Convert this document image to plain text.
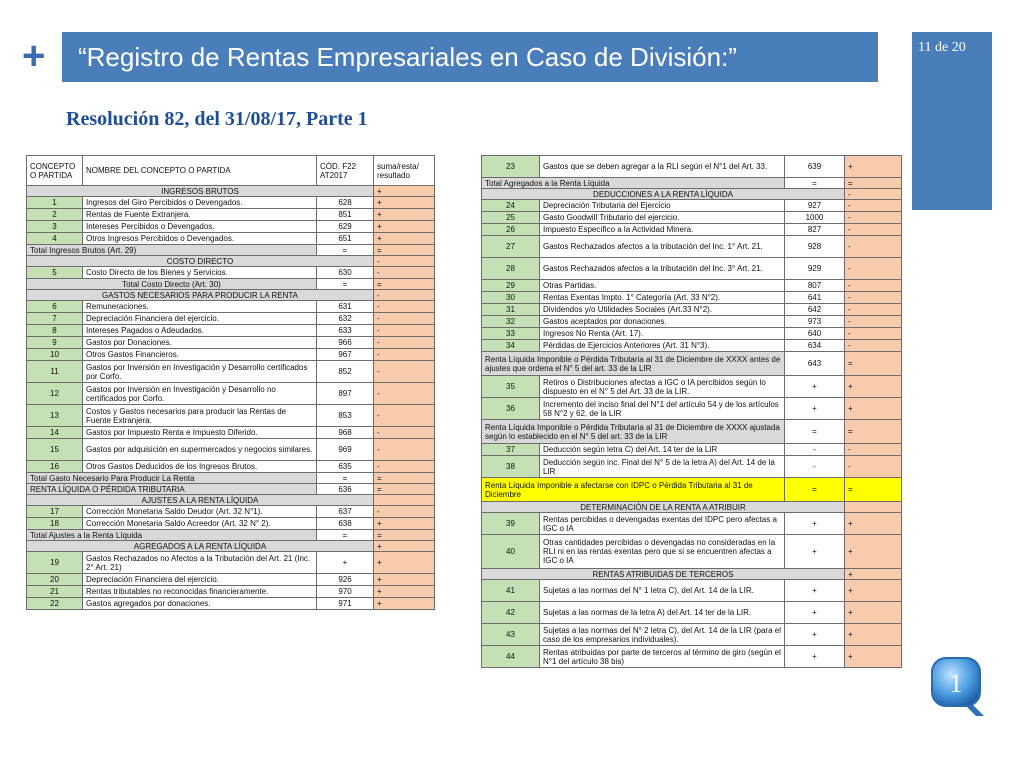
+ “Registro de Rentas Empresariales en Caso de División:”	11 de 20
Resolución 82, del 31/08/17, Parte 1
CONCEPTO O PARTIDA	NOMBRE DEL CONCEPTO O PARTIDA	CÓD. F22 AT2017	suma/resta/ resultado
INGRESOS BRUTOS			+
1	Ingresos del Giro Percibidos o Devengados.	628	+
2	Rentas de Fuente Extranjera.	851	+
3	Intereses Percibidos o Devengados.	629	+
4	Otros Ingresos Percibidos o Devengados.	651	+
Total Ingresos Brutos (Art. 29)		=	=
COSTO DIRECTO			-
5	Costo Directo de los Bienes y Servicios.	630	-
Total Costo Directo (Art. 30)		=	=
GASTOS NECESARIOS PARA PRODUCIR LA RENTA			-
6	Remuneraciones.	631	-
7	Depreciación Financiera del ejercicio.	632	-
8	Intereses Pagados o Adeudados.	633	-
9	Gastos por Donaciones.	966	-
10	Otros Gastos Financieros.	967	-
11	Gastos por Inversión en Investigación y Desarrollo certificados por Corfo.	852	-
12	Gastos por Inversión en Investigación y Desarrollo no certificados por Corfo.	897	-
13	Costos y Gastos necesarios para producir las Rentas de Fuente Extranjera.	853	-
14	Gastos por Impuesto Renta e Impuesto Diferido.	968	-
15	Gastos por adquisición en supermercados y negocios similares.	969	-
16	Otros Gastos Deducidos de los Ingresos Brutos.	635	-
Total Gasto Necesario Para Producir La Renta		=	=
RENTA LÍQUIDA O PÉRDIDA TRIBUTARIA		636	=
AJUSTES A LA RENTA LÍQUIDA			
17	Corrección Monetaria Saldo Deudor (Art. 32 N°1).	637	-
18	Corrección Monetaria Saldo Acreedor (Art. 32 N° 2).	638	+
Total Ajustes a la Renta Líquida		=	=
AGREGADOS A LA RENTA LÍQUIDA			+
19	Gastos Rechazados no Afectos a la Tributación del Art. 21 (Inc. 2° Art. 21)	+	+
20	Depreciación Financiera del ejercicio.	926	+
21	Rentas tributables no reconocidas financieramente.	970	+
22	Gastos agregados por donaciones.	971	+
23	Gastos que se deben agregar a la RLI según el N°1 del Art. 33.	639	+
Total Agregados a la Renta Líquida		=	=
DEDUCCIONES A LA RENTA LÍQUIDA			-
24	Depreciación Tributaria del Ejercicio	927	-
25	Gasto Goodwill Tributario del ejercicio.	1000	-
26	Impuesto Específico a la Actividad Minera.	827	-
27	Gastos Rechazados afectos a la tributación del Inc. 1° Art. 21.	928	-
28	Gastos Rechazados afectos a la tributación del Inc. 3° Art. 21.	929	-
29	Otras Partidas.	807	-
30	Rentas Exentas Impto. 1° Categoría (Art. 33 N°2).	641	-
31	Dividendos y/o Utilidades Sociales (Art.33 N°2).	642	-
32	Gastos aceptados por donaciones.	973	-
33	Ingresos No Renta (Art. 17).	640	-
34	Pérdidas de Ejercicios Anteriores (Art. 31 N°3).	634	-
Renta Líquida Imponible o Pérdida Tributaria al 31 de Diciembre de XXXX antes de ajustes que ordena el N° 5 del art. 33 de la LIR		643	=
35	Retiros o Distribuciones afectas a IGC o IA percibidos según lo dispuesto en el N° 5 del Art. 33 de la LIR.	+	+
36	Incremento del inciso final del N°1 del artículo 54 y de los artículos 58 N°2 y 62, de la LIR	+	+
Renta Líquida Imponible o Pérdida Tributaria al 31 de Diciembre de XXXX ajustada según lo establecido en el N° 5 del art. 33 de la LIR		=	=
37	Deducción según letra C) del Art. 14 ter de la LIR	-	-
38	Deducción según inc. Final del N° 5 de la letra A) del Art. 14 de la LIR	-	-
Renta Líquida Imponible a afectarse con IDPC o Pérdida Tributaria al 31 de Diciembre		=	=
DETERMINACIÓN DE LA RENTA A ATRIBUIR			
39	Rentas percibidas o devengadas exentas del IDPC pero afectas a IGC o IA	+	+
40	Otras cantidades percibidas o devengadas no consideradas en la RLI ni en las rentas exentas pero que si se encuentren afectas a IGC o IA	+	+
RENTAS ATRIBUIDAS DE TERCEROS			+
41	Sujetas a las normas del N° 1 letra C), del Art. 14 de la LIR.	+	+
42	Sujetas a las normas de la letra A) del Art. 14 ter de la LIR.	+	+
43	Sujetas a las normas del N° 2 letra C), del Art. 14 de la LIR (para el caso de los empresarios individuales).	+	+
44	Rentas atribuidas por parte de terceros al término de giro (según el N°1 del artículo 38 bis)	+	+
1
